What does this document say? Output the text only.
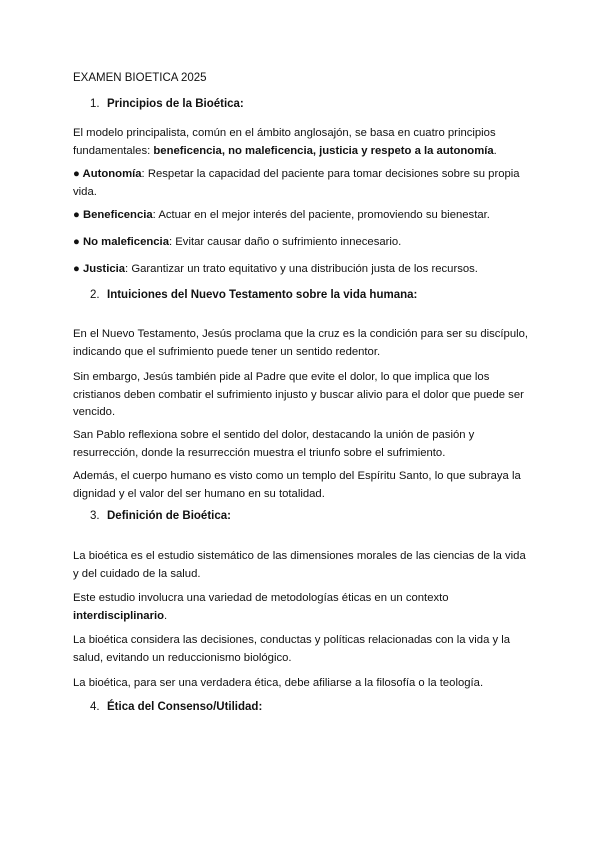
EXAMEN BIOETICA 2025
1. Principios de la Bioética:

El modelo principalista, común en el ámbito anglosajón, se basa en cuatro principios fundamentales: beneficencia, no maleficencia, justicia y respeto a la autonomía.

● Autonomía: Respetar la capacidad del paciente para tomar decisiones sobre su propia vida.

● Beneficencia: Actuar en el mejor interés del paciente, promoviendo su bienestar.

● No maleficencia: Evitar causar daño o sufrimiento innecesario.

● Justicia: Garantizar un trato equitativo y una distribución justa de los recursos.

2. Intuiciones del Nuevo Testamento sobre la vida humana:

En el Nuevo Testamento, Jesús proclama que la cruz es la condición para ser su discípulo, indicando que el sufrimiento puede tener un sentido redentor.

Sin embargo, Jesús también pide al Padre que evite el dolor, lo que implica que los cristianos deben combatir el sufrimiento injusto y buscar alivio para el dolor que puede ser vencido.

San Pablo reflexiona sobre el sentido del dolor, destacando la unión de pasión y resurrección, donde la resurrección muestra el triunfo sobre el sufrimiento.

Además, el cuerpo humano es visto como un templo del Espíritu Santo, lo que subraya la dignidad y el valor del ser humano en su totalidad.

3. Definición de Bioética:

La bioética es el estudio sistemático de las dimensiones morales de las ciencias de la vida y del cuidado de la salud.

Este estudio involucra una variedad de metodologías éticas en un contexto interdisciplinario.

La bioética considera las decisiones, conductas y políticas relacionadas con la vida y la salud, evitando un reduccionismo biológico.

La bioética, para ser una verdadera ética, debe afiliarse a la filosofía o la teología.

4. Ética del Consenso/Utilidad:
